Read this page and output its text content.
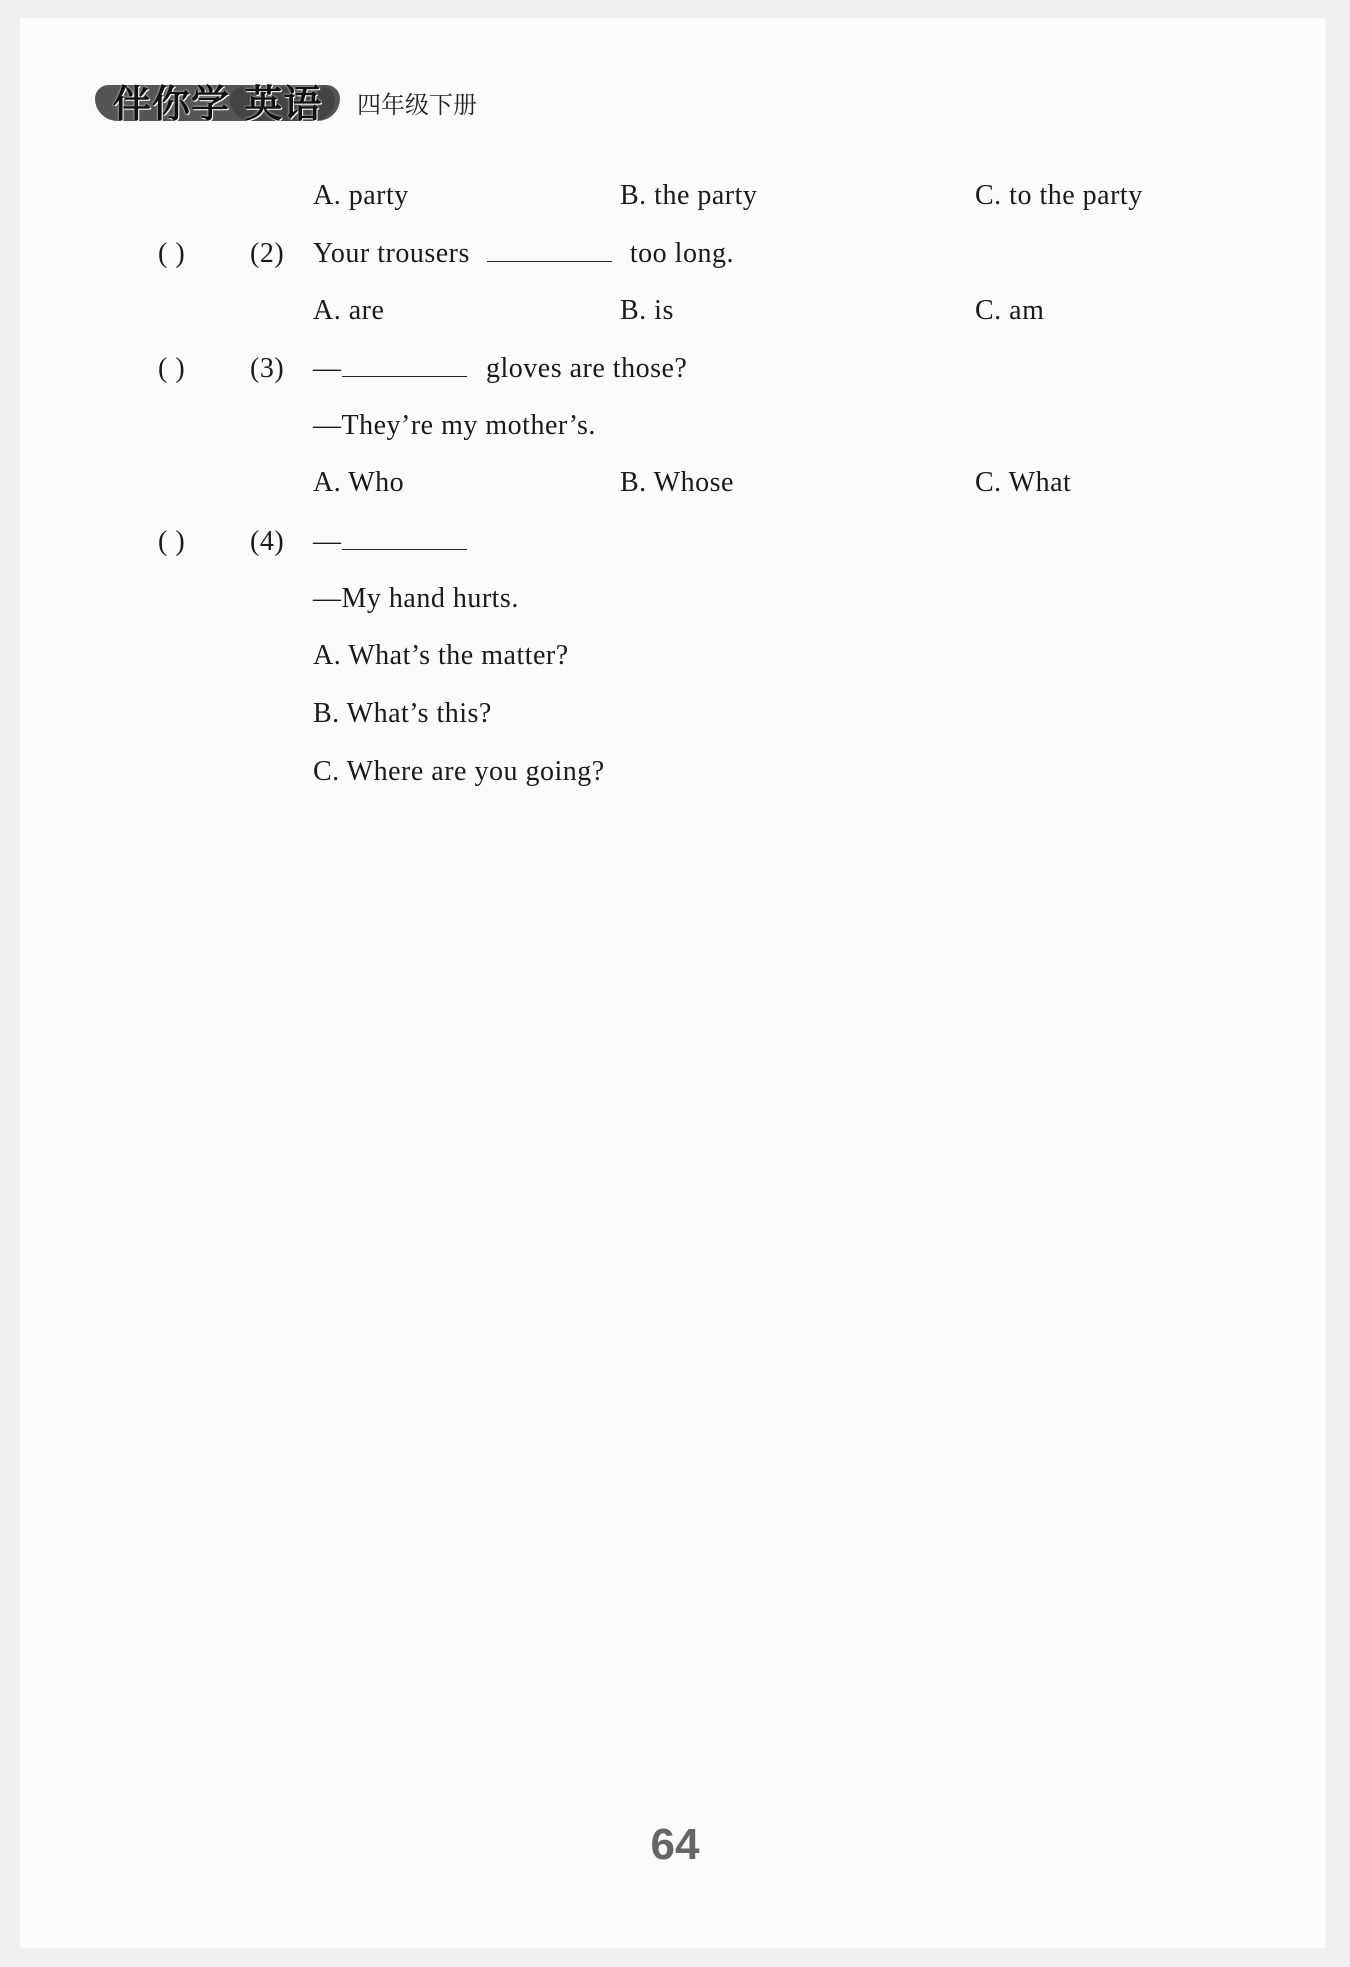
伴你学 英语 四年级下册
A. party	B. the party	C. to the party
( ) (2) Your trousers	too long.
A. are	B. is	C. am
( ) (3) —	gloves are those?
—They’re my mother’s.
A. Who	B. Whose	C. What
( ) (4) —
—My hand hurts.
A. What’s the matter?
B. What’s this?
C. Where are you going?
64
